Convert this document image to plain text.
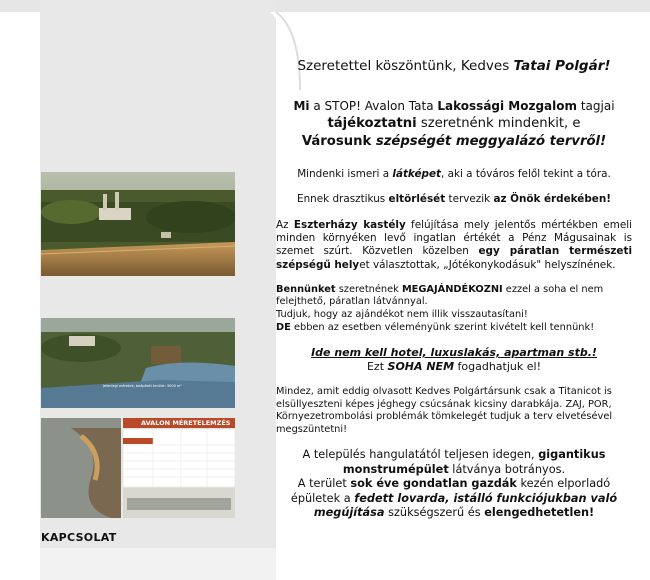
AVALON MÉRETELEMZÉS
Jelenlegi méretek, beépített terület: 3000 m²
KAPCSOLAT

Szeretettel köszöntünk, Kedves Tatai Polgár!

Mi a STOP! Avalon Tata Lakossági Mozgalom tagjai
tájékoztatni szeretnénk mindenkit, e
Városunk szépségét meggyalázó tervről!

Mindenki ismeri a látképet, aki a tóváros felől tekint a tóra.

Ennek drasztikus eltörlését tervezik az Önök érdekében!

Az Eszterházy kastély felújítása mely jelentős mértékben emeli minden környéken levő ingatlan értékét a Pénz Mágusainak is szemet szúrt. Közvetlen közelben egy páratlan természeti szépségű helyet választottak, „Jótékonykodásuk" helyszínének.

Bennünket szeretnének MEGAJÁNDÉKOZNI ezzel a soha el nem felejthető, páratlan látvánnyal.
Tudjuk, hogy az ajándékot nem illik visszautasítani!
DE ebben az esetben véleményünk szerint kivételt kell tennünk!

Ide nem kell hotel, luxuslakás, apartman stb.!
Ezt SOHA NEM fogadhatjuk el!

Mindez, amit eddig olvasott Kedves Polgártársunk csak a Titanicot is elsüllyeszteni képes jéghegy csúcsának kicsiny darabkája. ZAJ, POR, Környezetrombolási problémák tömkelegét tudjuk a terv elvetésével megszüntetni!

A település hangulatától teljesen idegen, gigantikus
monstrumépület látványa botrányos.

A terület sok éve gondatlan gazdák kezén elporladó épületek a fedett lovarda, istálló funkciójukban való megújítása szükségszerű és elengedhetetlen!
